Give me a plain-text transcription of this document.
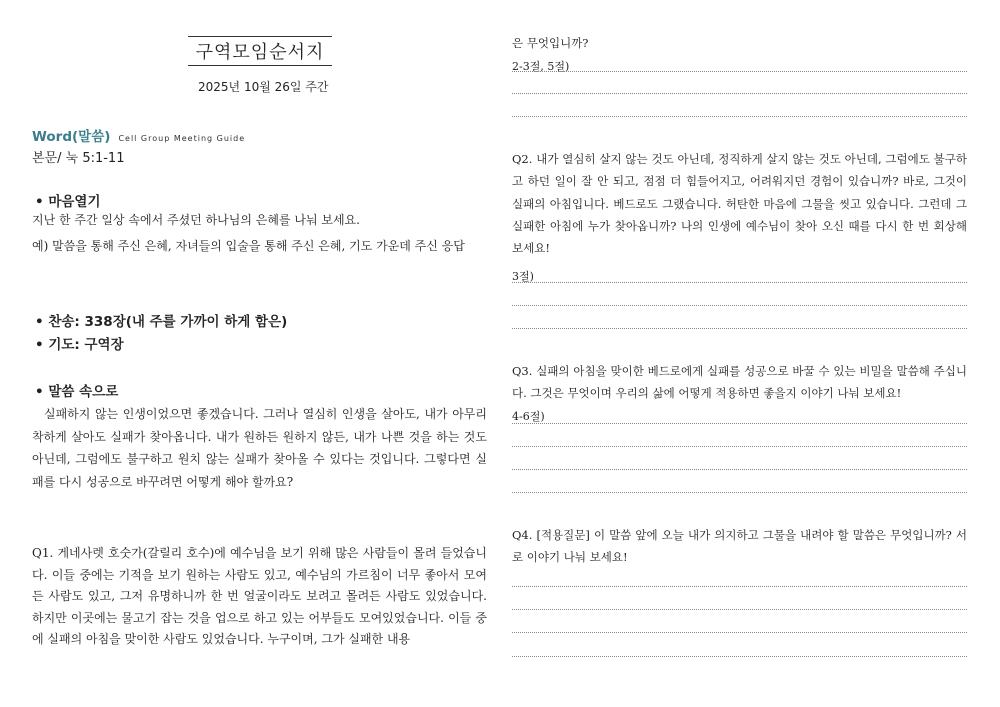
구역모임순서지
2025년 10월 26일 주간
Word(말씀) Cell Group Meeting Guide
본문/ 눅 5:1-11
• 마음열기
지난 한 주간 일상 속에서 주셨던 하나님의 은혜를 나눠 보세요.
예) 말씀을 통해 주신 은혜, 자녀들의 입술을 통해 주신 은혜, 기도 가운데 주신 응답
• 찬송: 338장(내 주를 가까이 하게 함은)
• 기도: 구역장
• 말씀 속으로
실패하지 않는 인생이었으면 좋겠습니다. 그러나 열심히 인생을 살아도, 내가 아무리 착하게 살아도 실패가 찾아옵니다. 내가 원하든 원하지 않든, 내가 나쁜 것을 하는 것도 아닌데, 그럼에도 불구하고 원치 않는 실패가 찾아올 수 있다는 것입니다. 그렇다면 실패를 다시 성공으로 바꾸려면 어떻게 해야 할까요?
Q1. 게네사렛 호숫가(갈릴리 호수)에 예수님을 보기 위해 많은 사람들이 몰려 들었습니다. 이들 중에는 기적을 보기 원하는 사람도 있고, 예수님의 가르침이 너무 좋아서 모여든 사람도 있고, 그저 유명하니까 한 번 얼굴이라도 보려고 몰려든 사람도 있었습니다. 하지만 이곳에는 물고기 잡는 것을 업으로 하고 있는 어부들도 모여있었습니다. 이들 중에 실패의 아침을 맞이한 사람도 있었습니다. 누구이며, 그가 실패한 내용
은 무엇입니까?
2-3절, 5절)
Q2. 내가 열심히 살지 않는 것도 아닌데, 정직하게 살지 않는 것도 아닌데, 그럼에도 불구하고 하던 일이 잘 안 되고, 점점 더 힘들어지고, 어려워지던 경험이 있습니까? 바로, 그것이 실패의 아침입니다. 베드로도 그랬습니다. 허탄한 마음에 그물을 씻고 있습니다. 그런데 그 실패한 아침에 누가 찾아옵니까? 나의 인생에 예수님이 찾아 오신 때를 다시 한 번 회상해 보세요!
3절)
Q3. 실패의 아침을 맞이한 베드로에게 실패를 성공으로 바꿀 수 있는 비밀을 말씀해 주십니다. 그것은 무엇이며 우리의 삶에 어떻게 적용하면 좋을지 이야기 나눠 보세요!
4-6절)
Q4. [적용질문] 이 말씀 앞에 오늘 내가 의지하고 그물을 내려야 할 말씀은 무엇입니까? 서로 이야기 나눠 보세요!
